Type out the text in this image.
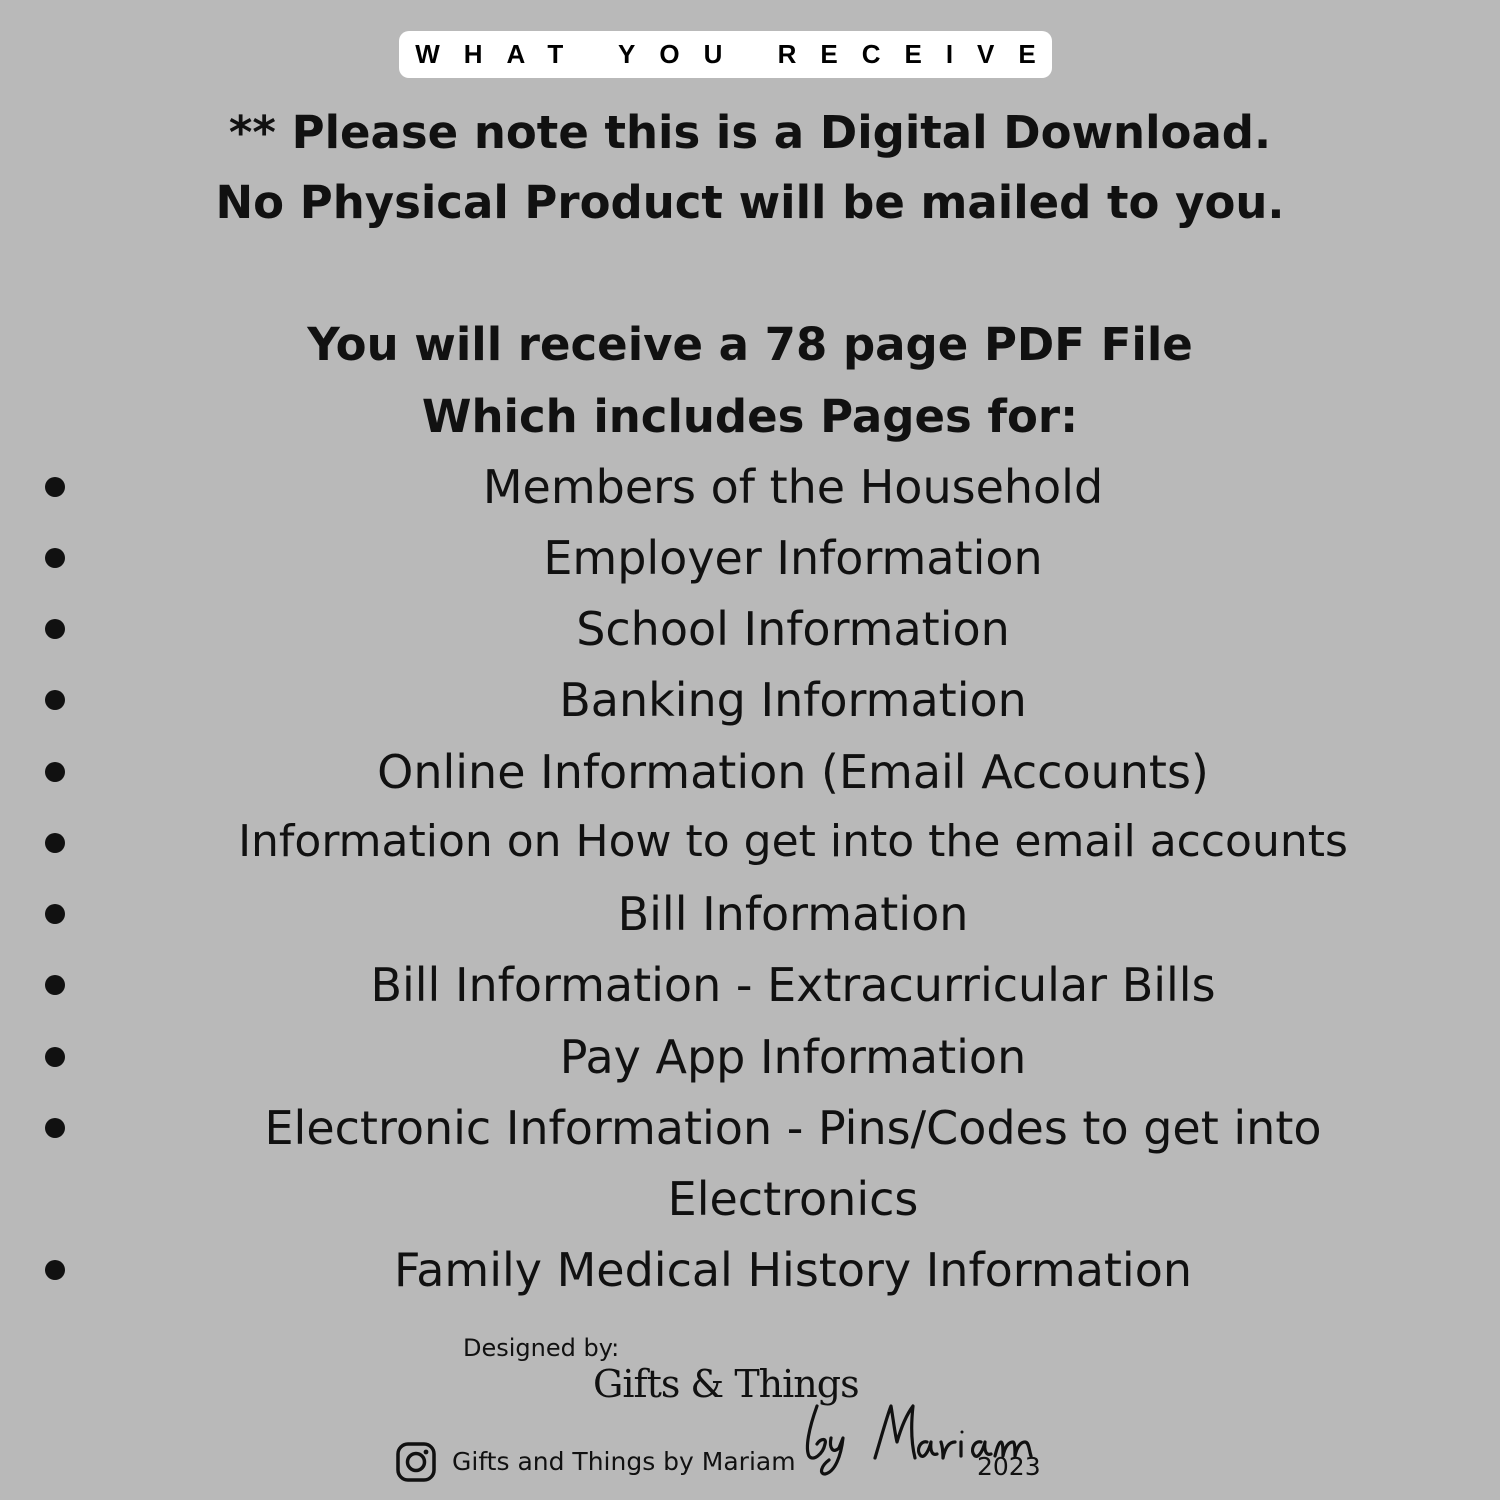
WHAT YOU RECEIVE
** Please note this is a Digital Download.
No Physical Product will be mailed to you.
You will receive a 78 page PDF File
Which includes Pages for:
Members of the Household
Employer Information
School Information
Banking Information
Online Information (Email Accounts)
Information on How to get into the email accounts
Bill Information
Bill Information - Extracurricular Bills
Pay App Information
Electronic Information - Pins/Codes to get into
Electronics
Family Medical History Information
Designed by:
Gifts & Things
Gifts and Things by Mariam	2023
